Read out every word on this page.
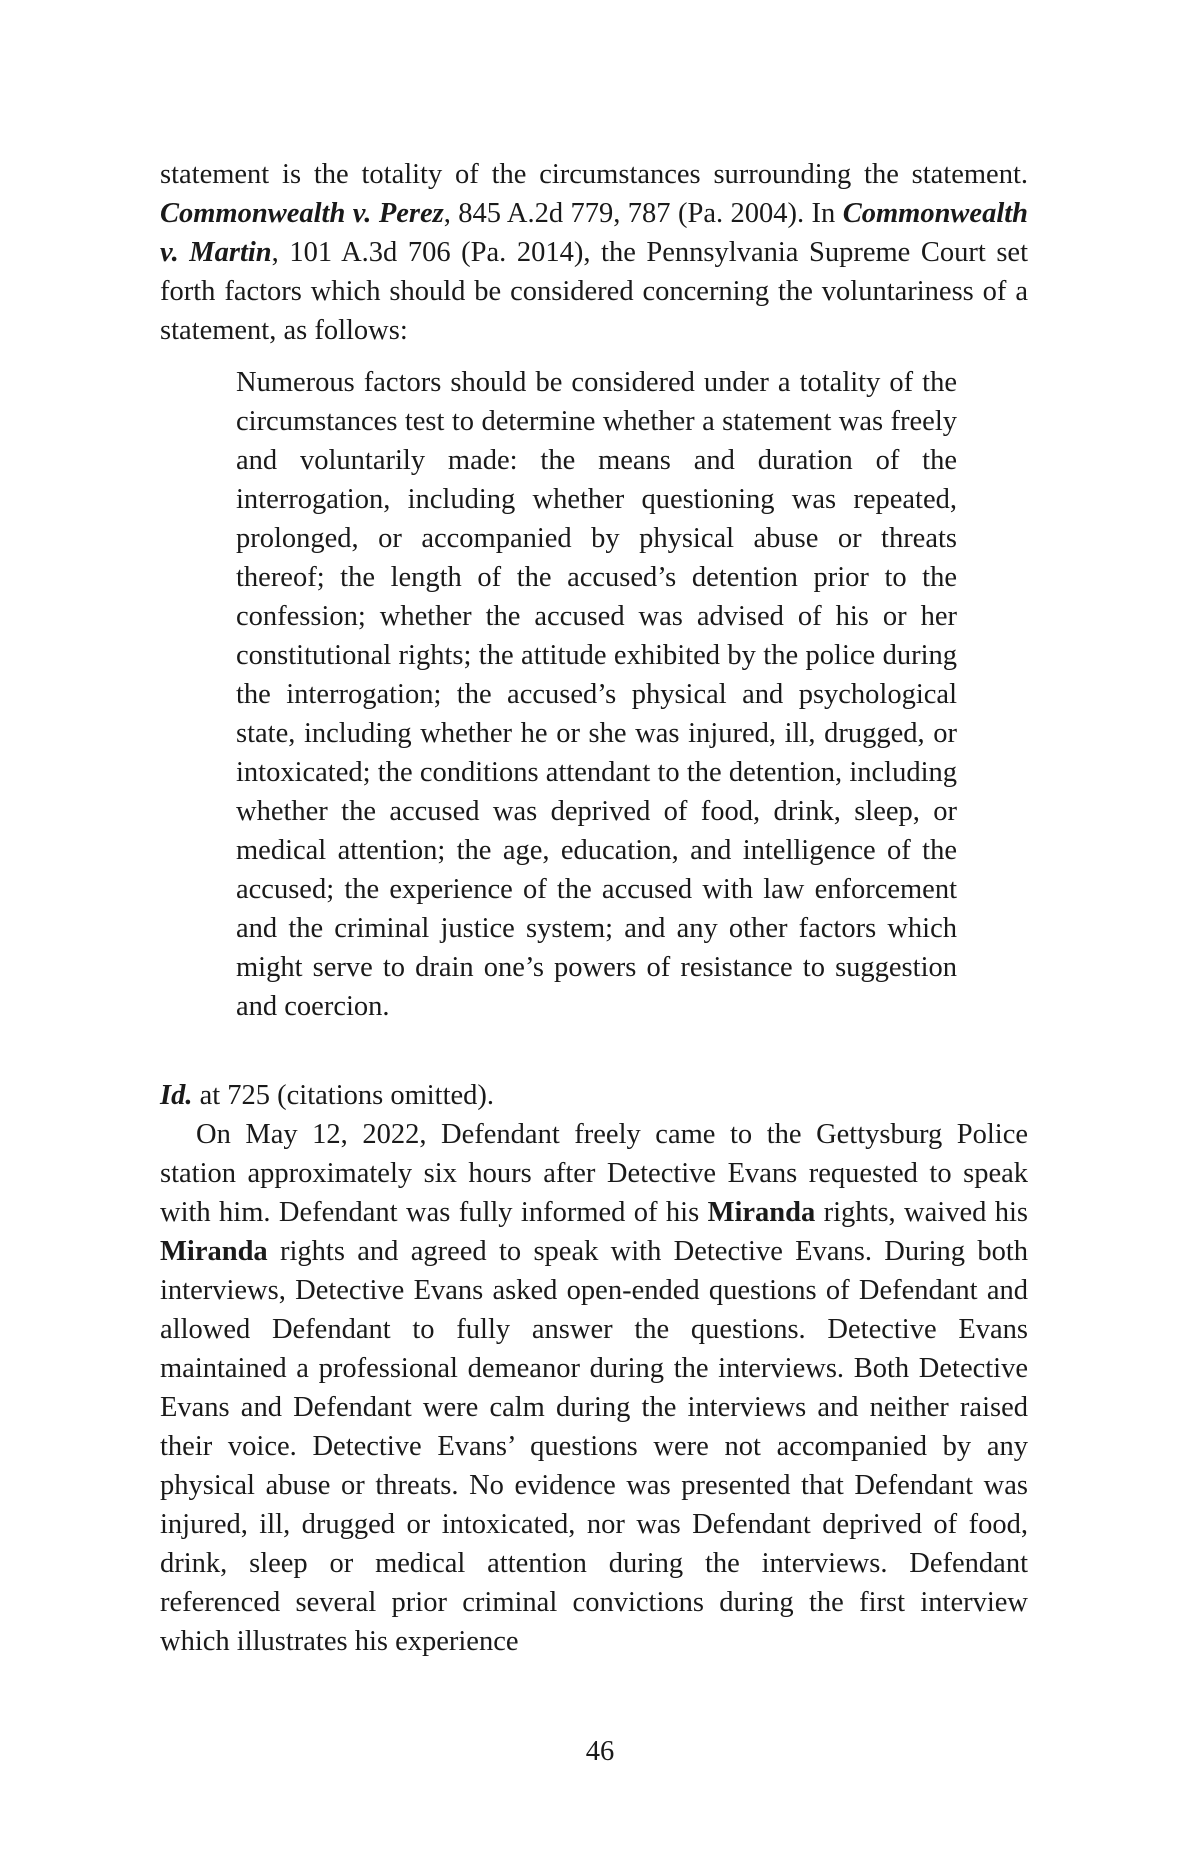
statement is the totality of the circumstances surrounding the statement. Commonwealth v. Perez, 845 A.2d 779, 787 (Pa. 2004). In Commonwealth v. Martin, 101 A.3d 706 (Pa. 2014), the Pennsylvania Supreme Court set forth factors which should be considered concerning the voluntariness of a statement, as follows:

Numerous factors should be considered under a totality of the circumstances test to determine whether a statement was freely and voluntarily made: the means and duration of the interrogation, including whether questioning was repeated, prolonged, or accompanied by physical abuse or threats thereof; the length of the accused’s detention prior to the confession; whether the accused was advised of his or her constitutional rights; the attitude exhibited by the police during the interrogation; the accused’s physical and psychological state, including whether he or she was injured, ill, drugged, or intoxicated; the conditions attendant to the detention, including whether the accused was deprived of food, drink, sleep, or medical attention; the age, education, and intelligence of the accused; the experience of the accused with law enforcement and the criminal justice system; and any other factors which might serve to drain one’s powers of resistance to suggestion and coercion.

Id. at 725 (citations omitted).

On May 12, 2022, Defendant freely came to the Gettysburg Police station approximately six hours after Detective Evans requested to speak with him. Defendant was fully informed of his Miranda rights, waived his Miranda rights and agreed to speak with Detective Evans. During both interviews, Detective Evans asked open-ended questions of Defendant and allowed Defendant to fully answer the questions. Detective Evans maintained a professional demeanor during the interviews. Both Detective Evans and Defendant were calm during the interviews and neither raised their voice. Detective Evans’ questions were not accompanied by any physical abuse or threats. No evidence was presented that Defendant was injured, ill, drugged or intoxicated, nor was Defendant deprived of food, drink, sleep or medical attention during the interviews. Defendant referenced several prior criminal convictions during the first interview which illustrates his experience

46
